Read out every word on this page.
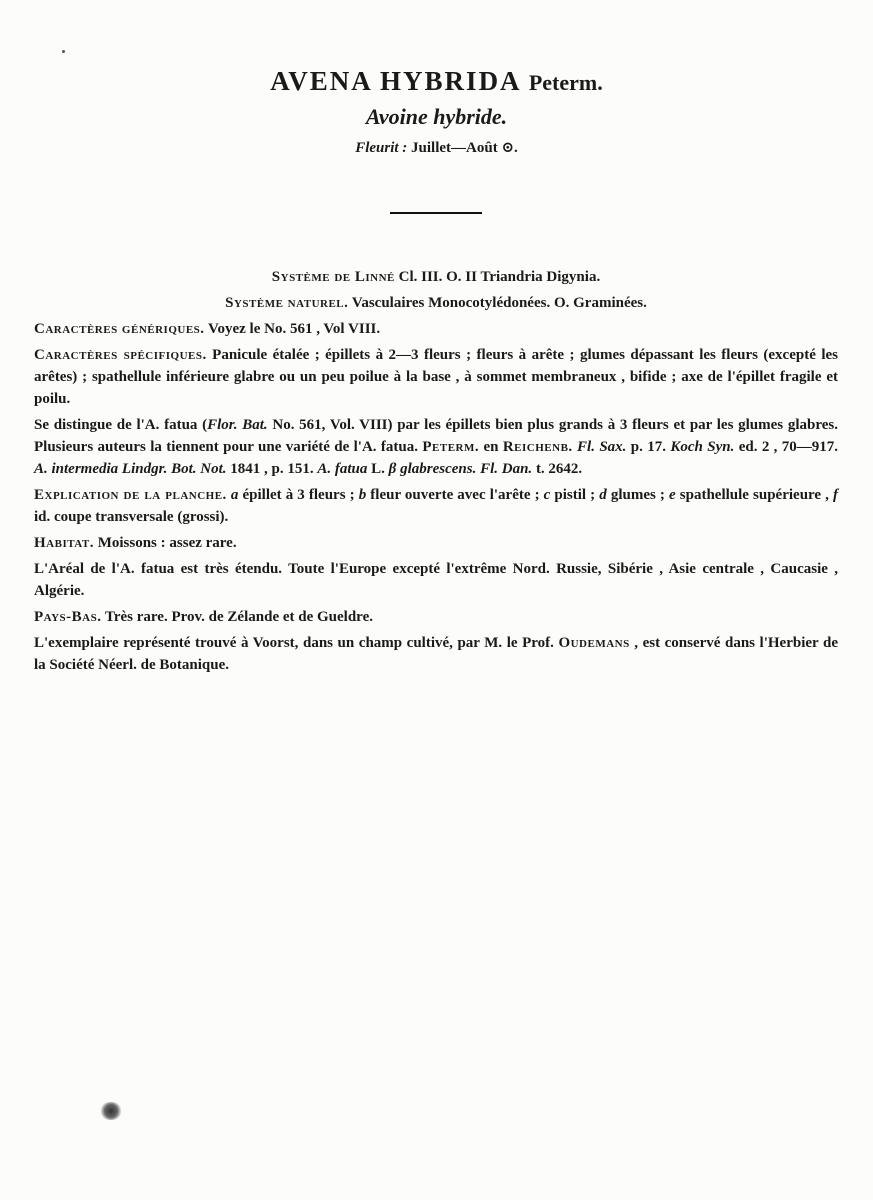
AVENA HYBRIDA Peterm.
Avoine hybride.
Fleurit : Juillet—Août ⊙.

Système de Linné Cl. III. O. II Triandria Digynia.

Système naturel. Vasculaires Monocotylédonées. O. Graminées.

Caractères génériques. Voyez le No. 561 , Vol VIII.

Caractères spécifiques. Panicule étalée ; épillets à 2—3 fleurs ; fleurs à arête ; glumes dépassant les fleurs (excepté les arêtes) ; spathellule inférieure glabre ou un peu poilue à la base , à sommet membraneux , bifide ; axe de l'épillet fragile et poilu.

Se distingue de l'A. fatua (Flor. Bat. No. 561, Vol. VIII) par les épillets bien plus grands à 3 fleurs et par les glumes glabres. Plusieurs auteurs la tiennent pour une variété de l'A. fatua. Peterm. en Reichenb. Fl. Sax. p. 17. Koch Syn. ed. 2 , 70—917. A. intermedia Lindgr. Bot. Not. 1841 , p. 151. A. fatua L. β glabrescens. Fl. Dan. t. 2642.

Explication de la planche. a épillet à 3 fleurs ; b fleur ouverte avec l'arête ; c pistil ; d glumes ; e spathellule supérieure , f id. coupe transversale (grossi).

Habitat. Moissons : assez rare.

L'Aréal de l'A. fatua est très étendu. Toute l'Europe excepté l'extrême Nord. Russie, Sibérie , Asie centrale , Caucasie , Algérie.

Pays-Bas. Très rare. Prov. de Zélande et de Gueldre.

L'exemplaire représenté trouvé à Voorst, dans un champ cultivé, par M. le Prof. Oudemans , est conservé dans l'Herbier de la Société Néerl. de Botanique.
